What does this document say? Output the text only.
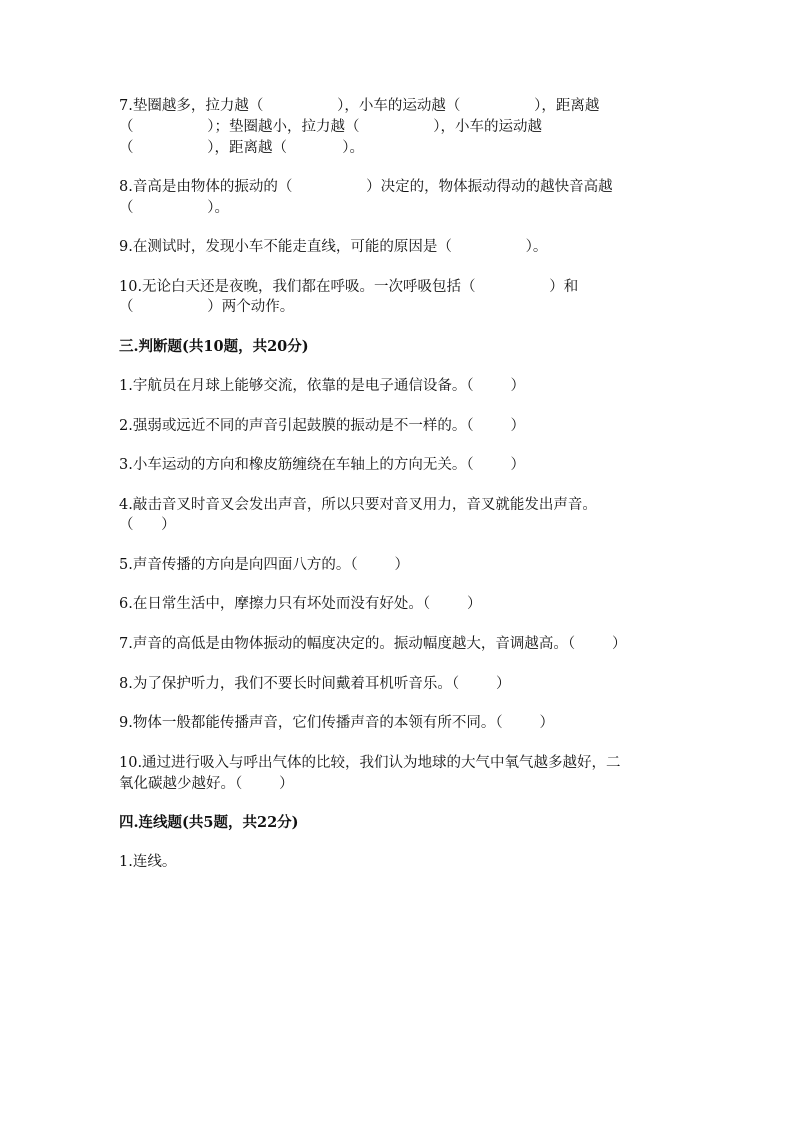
7.垫圈越多，拉力越（                ），小车的运动越（                ），距离越
（                ）；垫圈越小，拉力越（                ），小车的运动越
（                ），距离越（            ）。
8.音高是由物体的振动的（                ）决定的，物体振动得动的越快音高越
（                ）。
9.在测试时，发现小车不能走直线，可能的原因是（                ）。
10.无论白天还是夜晚，我们都在呼吸。一次呼吸包括（                ）和
（                ）两个动作。
三.判断题(共10题，共20分)
1.宇航员在月球上能够交流，依靠的是电子通信设备。（        ）
2.强弱或远近不同的声音引起鼓膜的振动是不一样的。（        ）
3.小车运动的方向和橡皮筋缠绕在车轴上的方向无关。（        ）
4.敲击音叉时音叉会发出声音，所以只要对音叉用力，音叉就能发出声音。
（      ）
5.声音传播的方向是向四面八方的。（        ）
6.在日常生活中，摩擦力只有坏处而没有好处。（        ）
7.声音的高低是由物体振动的幅度决定的。振动幅度越大，音调越高。（        ）
8.为了保护听力，我们不要长时间戴着耳机听音乐。（        ）
9.物体一般都能传播声音，它们传播声音的本领有所不同。（        ）
10.通过进行吸入与呼出气体的比较，我们认为地球的大气中氧气越多越好，二
氧化碳越少越好。（        ）
四.连线题(共5题，共22分)
1.连线。
